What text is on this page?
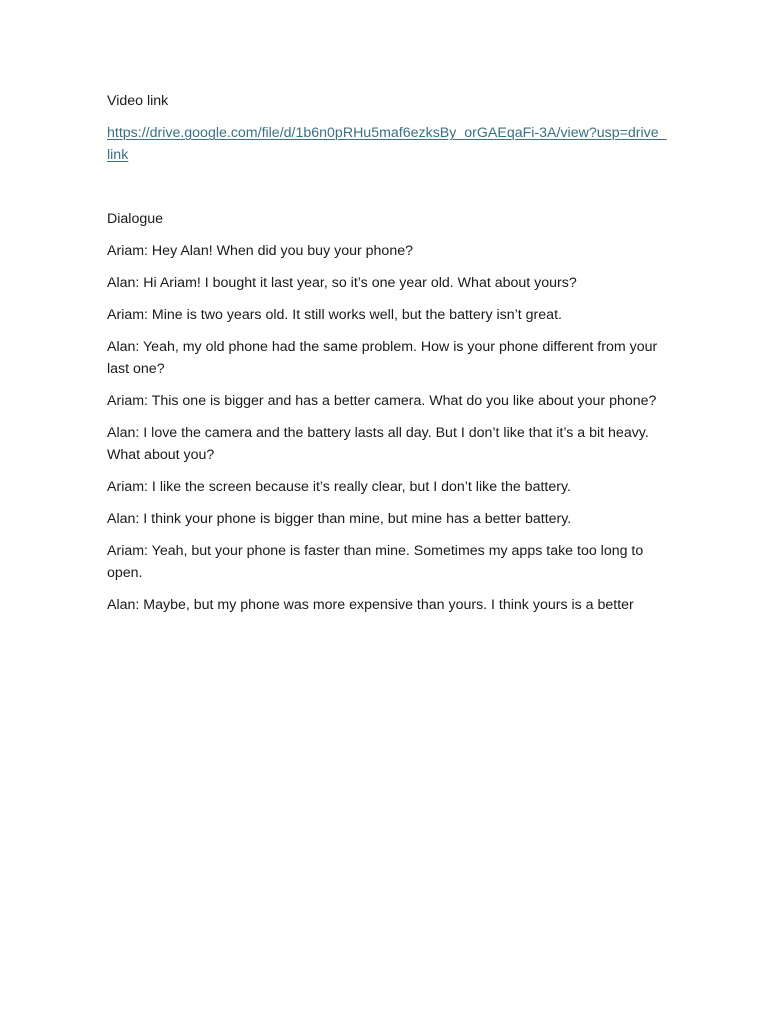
Video link
https://drive.google.com/file/d/1b6n0pRHu5maf6ezksBy_orGAEqaFi-3A/view?usp=drive_link
Dialogue

Ariam: Hey Alan! When did you buy your phone?

Alan: Hi Ariam! I bought it last year, so it’s one year old. What about yours?

Ariam: Mine is two years old. It still works well, but the battery isn’t great.

Alan: Yeah, my old phone had the same problem. How is your phone different from your last one?

Ariam: This one is bigger and has a better camera. What do you like about your phone?

Alan: I love the camera and the battery lasts all day. But I don’t like that it’s a bit heavy. What about you?

Ariam: I like the screen because it’s really clear, but I don’t like the battery.

Alan: I think your phone is bigger than mine, but mine has a better battery.

Ariam: Yeah, but your phone is faster than mine. Sometimes my apps take too long to open.

Alan: Maybe, but my phone was more expensive than yours. I think yours is a better
